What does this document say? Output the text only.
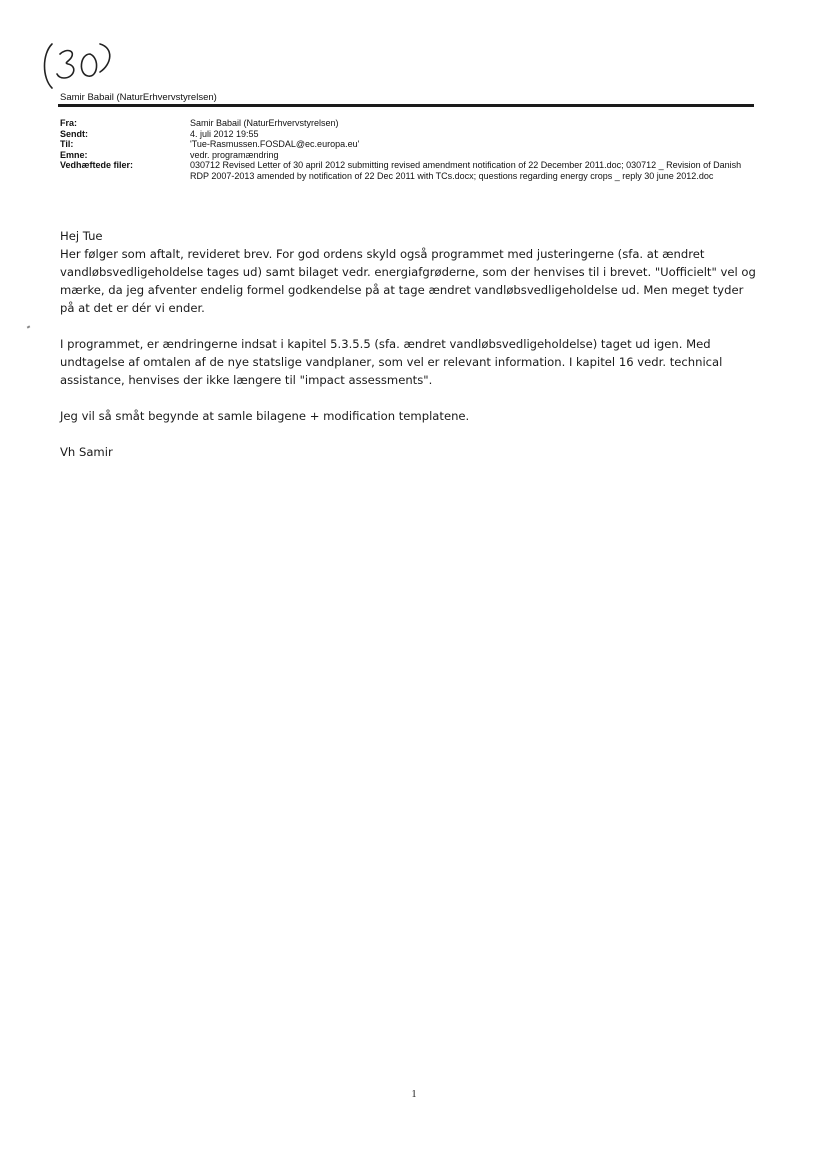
Samir Babail (NaturErhvervstyrelsen)
Fra:	Samir Babail (NaturErhvervstyrelsen)
Sendt:	4. juli 2012 19:55
Til:	'Tue-Rasmussen.FOSDAL@ec.europa.eu'
Emne:	vedr. programændring
Vedhæftede filer:	030712 Revised Letter of 30 april 2012 submitting revised amendment notification of 22 December 2011.doc; 030712 _ Revision of Danish RDP 2007-2013 amended by notification of 22 Dec 2011 with TCs.docx; questions regarding energy crops _ reply 30 june 2012.doc

Hej Tue

Her følger som aftalt, revideret brev. For god ordens skyld også programmet med justeringerne (sfa. at ændret vandløbsvedligeholdelse tages ud) samt bilaget vedr. energiafgrøderne, som der henvises til i brevet. "Uofficielt" vel og mærke, da jeg afventer endelig formel godkendelse på at tage ændret vandløbsvedligeholdelse ud. Men meget tyder på at det er dér vi ender.

I programmet, er ændringerne indsat i kapitel 5.3.5.5 (sfa. ændret vandløbsvedligeholdelse) taget ud igen. Med undtagelse af omtalen af de nye statslige vandplaner, som vel er relevant information. I kapitel 16 vedr. technical assistance, henvises der ikke længere til "impact assessments".

Jeg vil så småt begynde at samle bilagene + modification templatene.

Vh Samir

1
